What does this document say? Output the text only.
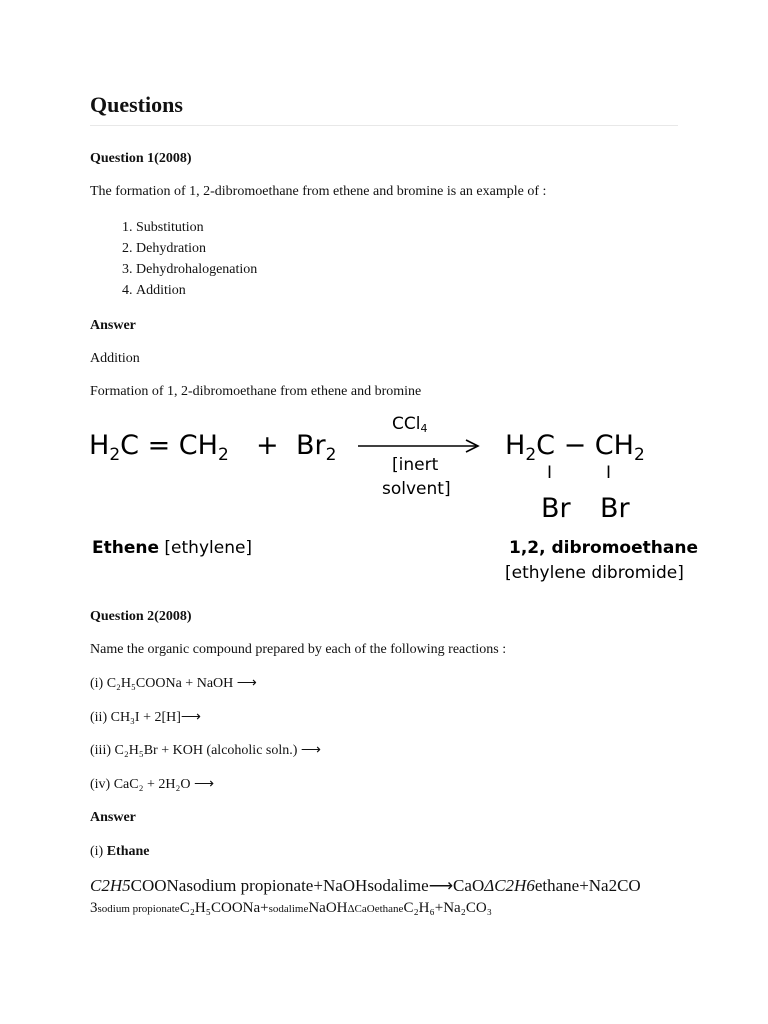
Questions
Question 1(2008)
The formation of 1, 2-dibromoethane from ethene and bromine is an example of :
1. Substitution
2. Dehydration
3. Dehydrohalogenation
4. Addition
Answer
Addition
Formation of 1, 2-dibromoethane from ethene and bromine
$H_2C = CH_2 + Br_2$
CCl$_4$
[inert
solvent]
$H_2C - CH_2$
I	I
Br Br
Ethene [ethylene]	1,2, dibromoethane
[ethylene dibromide]
Question 2(2008)
Name the organic compound prepared by each of the following reactions :
(i) C₂H₅COONa + NaOH ⟶
(ii) CH₃I + 2[H]⟶
(iii) C₂H₅Br + KOH (alcoholic soln.) ⟶
(iv) CaC₂ + 2H₂O ⟶
Answer
(i) Ethane
C2H5COONasodium propionate+NaOHsodalime⟶CaOΔC2H6ethane+Na2CO
3sodium propionateC₂H₅COONa+sodalimeNaOHΔCaOethaneC₂H₆+Na₂CO₃
